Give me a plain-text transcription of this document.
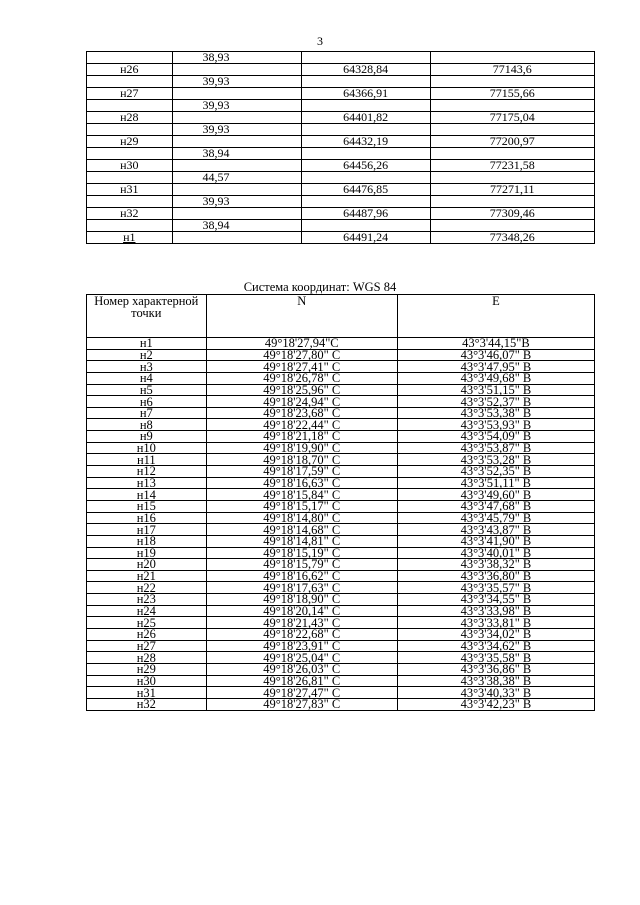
3
	38,93		
н26		64328,84	77143,6
	39,93		
н27		64366,91	77155,66
	39,93		
н28		64401,82	77175,04
	39,93		
н29		64432,19	77200,97
	38,94		
н30		64456,26	77231,58
	44,57		
н31		64476,85	77271,11
	39,93		
н32		64487,96	77309,46
	38,94		
н1		64491,24	77348,26
Система координат: WGS 84
Номер характерной точки	N	E
н1	49°18'27,94"С	43°3'44,15"В
н2	49°18'27,80" С	43°3'46,07" В
н3	49°18'27,41" С	43°3'47,95" В
н4	49°18'26,78" С	43°3'49,68" В
н5	49°18'25,96" С	43°3'51,15" В
н6	49°18'24,94" С	43°3'52,37" В
н7	49°18'23,68" С	43°3'53,38" В
н8	49°18'22,44" С	43°3'53,93" В
н9	49°18'21,18" С	43°3'54,09" В
н10	49°18'19,90" С	43°3'53,87" В
н11	49°18'18,70" С	43°3'53,28" В
н12	49°18'17,59" С	43°3'52,35" В
н13	49°18'16,63" С	43°3'51,11" В
н14	49°18'15,84" С	43°3'49,60" В
н15	49°18'15,17" С	43°3'47,68" В
н16	49°18'14,80" С	43°3'45,79" В
н17	49°18'14,68" С	43°3'43,87" В
н18	49°18'14,81" С	43°3'41,90" В
н19	49°18'15,19" С	43°3'40,01" В
н20	49°18'15,79" С	43°3'38,32" В
н21	49°18'16,62" С	43°3'36,80" В
н22	49°18'17,63" С	43°3'35,57" В
н23	49°18'18,90" С	43°3'34,55" В
н24	49°18'20,14" С	43°3'33,98" В
н25	49°18'21,43" С	43°3'33,81" В
н26	49°18'22,68" С	43°3'34,02" В
н27	49°18'23,91" С	43°3'34,62" В
н28	49°18'25,04" С	43°3'35,58" В
н29	49°18'26,03" С	43°3'36,86" В
н30	49°18'26,81" С	43°3'38,38" В
н31	49°18'27,47" С	43°3'40,33" В
н32	49°18'27,83" С	43°3'42,23" В
